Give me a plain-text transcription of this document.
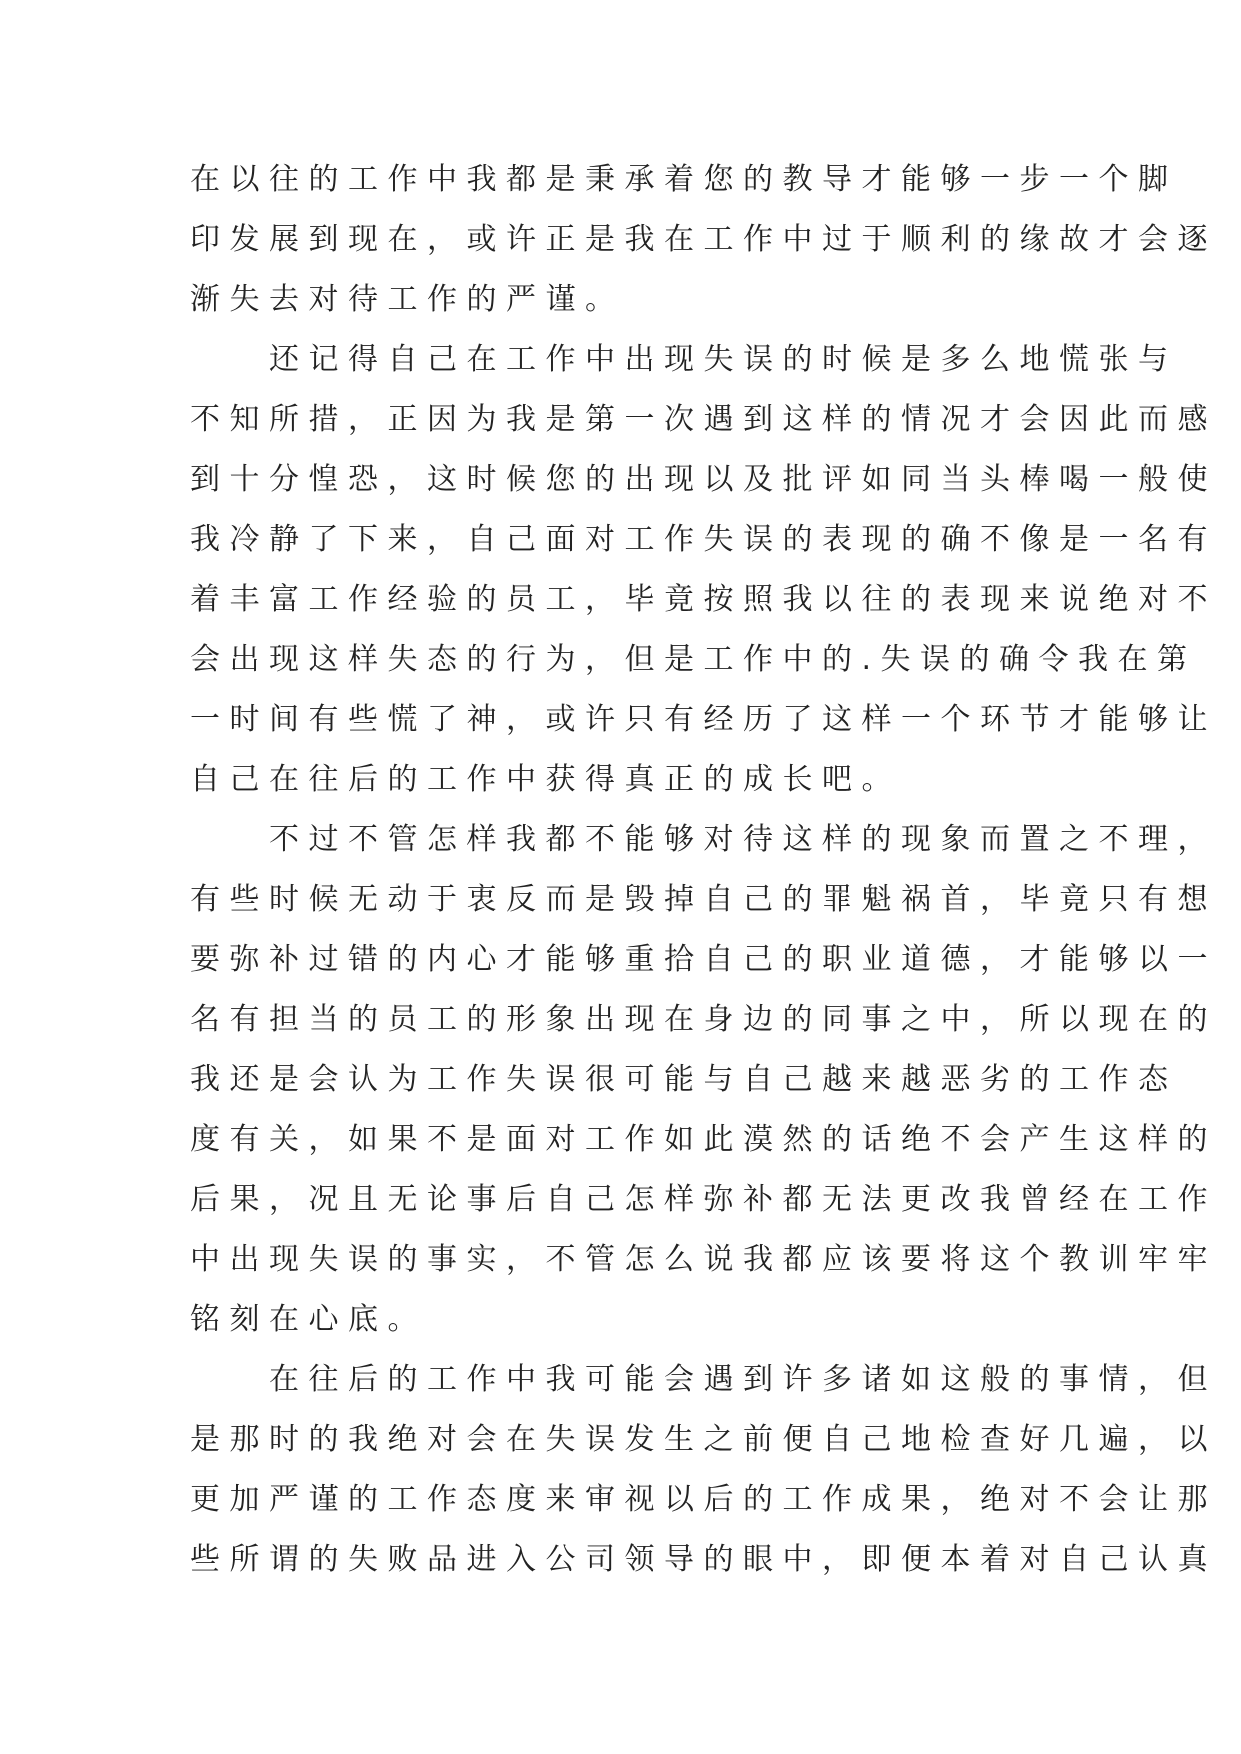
在以往的工作中我都是秉承着您的教导才能够一步一个脚
印发展到现在，或许正是我在工作中过于顺利的缘故才会逐
渐失去对待工作的严谨。
　　还记得自己在工作中出现失误的时候是多么地慌张与
不知所措，正因为我是第一次遇到这样的情况才会因此而感
到十分惶恐，这时候您的出现以及批评如同当头棒喝一般使
我冷静了下来，自己面对工作失误的表现的确不像是一名有
着丰富工作经验的员工，毕竟按照我以往的表现来说绝对不
会出现这样失态的行为，但是工作中的.失误的确令我在第
一时间有些慌了神，或许只有经历了这样一个环节才能够让
自己在往后的工作中获得真正的成长吧。
　　不过不管怎样我都不能够对待这样的现象而置之不理，
有些时候无动于衷反而是毁掉自己的罪魁祸首，毕竟只有想
要弥补过错的内心才能够重拾自己的职业道德，才能够以一
名有担当的员工的形象出现在身边的同事之中，所以现在的
我还是会认为工作失误很可能与自己越来越恶劣的工作态
度有关，如果不是面对工作如此漠然的话绝不会产生这样的
后果，况且无论事后自己怎样弥补都无法更改我曾经在工作
中出现失误的事实，不管怎么说我都应该要将这个教训牢牢
铭刻在心底。
　　在往后的工作中我可能会遇到许多诸如这般的事情，但
是那时的我绝对会在失误发生之前便自己地检查好几遍，以
更加严谨的工作态度来审视以后的工作成果，绝对不会让那
些所谓的失败品进入公司领导的眼中，即便本着对自己认真
